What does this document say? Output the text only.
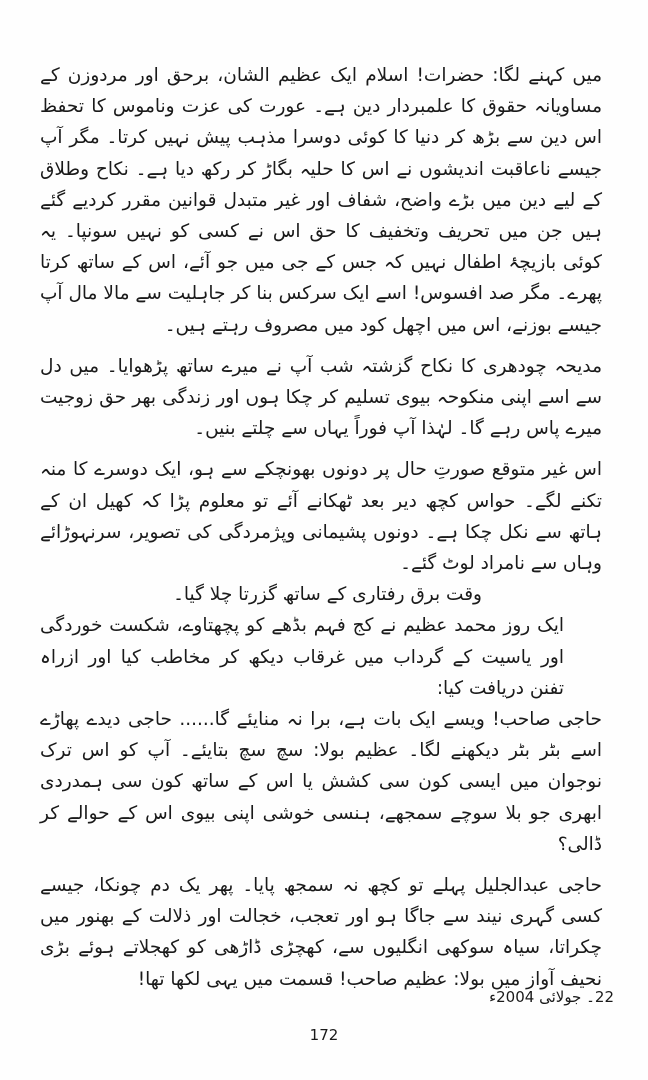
میں کہنے لگا: حضرات! اسلام ایک عظیم الشان، برحق اور مردوزن کے مساویانہ حقوق کا علمبردار دین ہے۔ عورت کی عزت وناموس کا تحفظ اس دین سے بڑھ کر دنیا کا کوئی دوسرا مذہب پیش نہیں کرتا۔ مگر آپ جیسے ناعاقبت اندیشوں نے اس کا حلیہ بگاڑ کر رکھ دیا ہے۔ نکاح وطلاق کے لیے دین میں بڑے واضح، شفاف اور غیر متبدل قوانین مقرر کردیے گئے ہیں جن میں تحریف وتخفیف کا حق اس نے کسی کو نہیں سونپا۔ یہ کوئی بازیچۂ اطفال نہیں کہ جس کے جی میں جو آئے، اس کے ساتھ کرتا پھرے۔ مگر صد افسوس! اسے ایک سرکس بنا کر جاہلیت سے مالا مال آپ جیسے بوزنے، اس میں اچھل کود میں مصروف رہتے ہیں۔

مدیحہ چودھری کا نکاح گزشتہ شب آپ نے میرے ساتھ پڑھوایا۔ میں دل سے اسے اپنی منکوحہ بیوی تسلیم کر چکا ہوں اور زندگی بھر حق زوجیت میرے پاس رہے گا۔ لہٰذا آپ فوراً یہاں سے چلتے بنیں۔

اس غیر متوقع صورتِ حال پر دونوں بھونچکے سے ہو، ایک دوسرے کا منہ تکنے لگے۔ حواس کچھ دیر بعد ٹھکانے آئے تو معلوم پڑا کہ کھیل ان کے ہاتھ سے نکل چکا ہے۔ دونوں پشیمانی وپژمردگی کی تصویر، سرنہوڑائے وہاں سے نامراد لوٹ گئے۔

وقت برق رفتاری کے ساتھ گزرتا چلا گیا۔

ایک روز محمد عظیم نے کج فہم بڈھے کو پچھتاوے، شکست خوردگی اور یاسیت کے گرداب میں غرقاب دیکھ کر مخاطب کیا اور ازراہ تفنن دریافت کیا:

حاجی صاحب! ویسے ایک بات ہے، برا نہ منایئے گا...... حاجی دیدے پھاڑے اسے بٹر بٹر دیکھنے لگا۔ عظیم بولا: سچ سچ بتایئے۔ آپ کو اس ترک نوجوان میں ایسی کون سی کشش یا اس کے ساتھ کون سی ہمدردی ابھری جو بلا سوچے سمجھے، ہنسی خوشی اپنی بیوی اس کے حوالے کر ڈالی؟

حاجی عبدالجلیل پہلے تو کچھ نہ سمجھ پایا۔ پھر یک دم چونکا، جیسے کسی گہری نیند سے جاگا ہو اور تعجب، خجالت اور ذلالت کے بھنور میں چکراتا، سیاہ سوکھی انگلیوں سے، کھچڑی ڈاڑھی کو کھجلاتے ہوئے بڑی نحیف آواز میں بولا: عظیم صاحب! قسمت میں یہی لکھا تھا!

22۔ جولائی 2004ء
172
